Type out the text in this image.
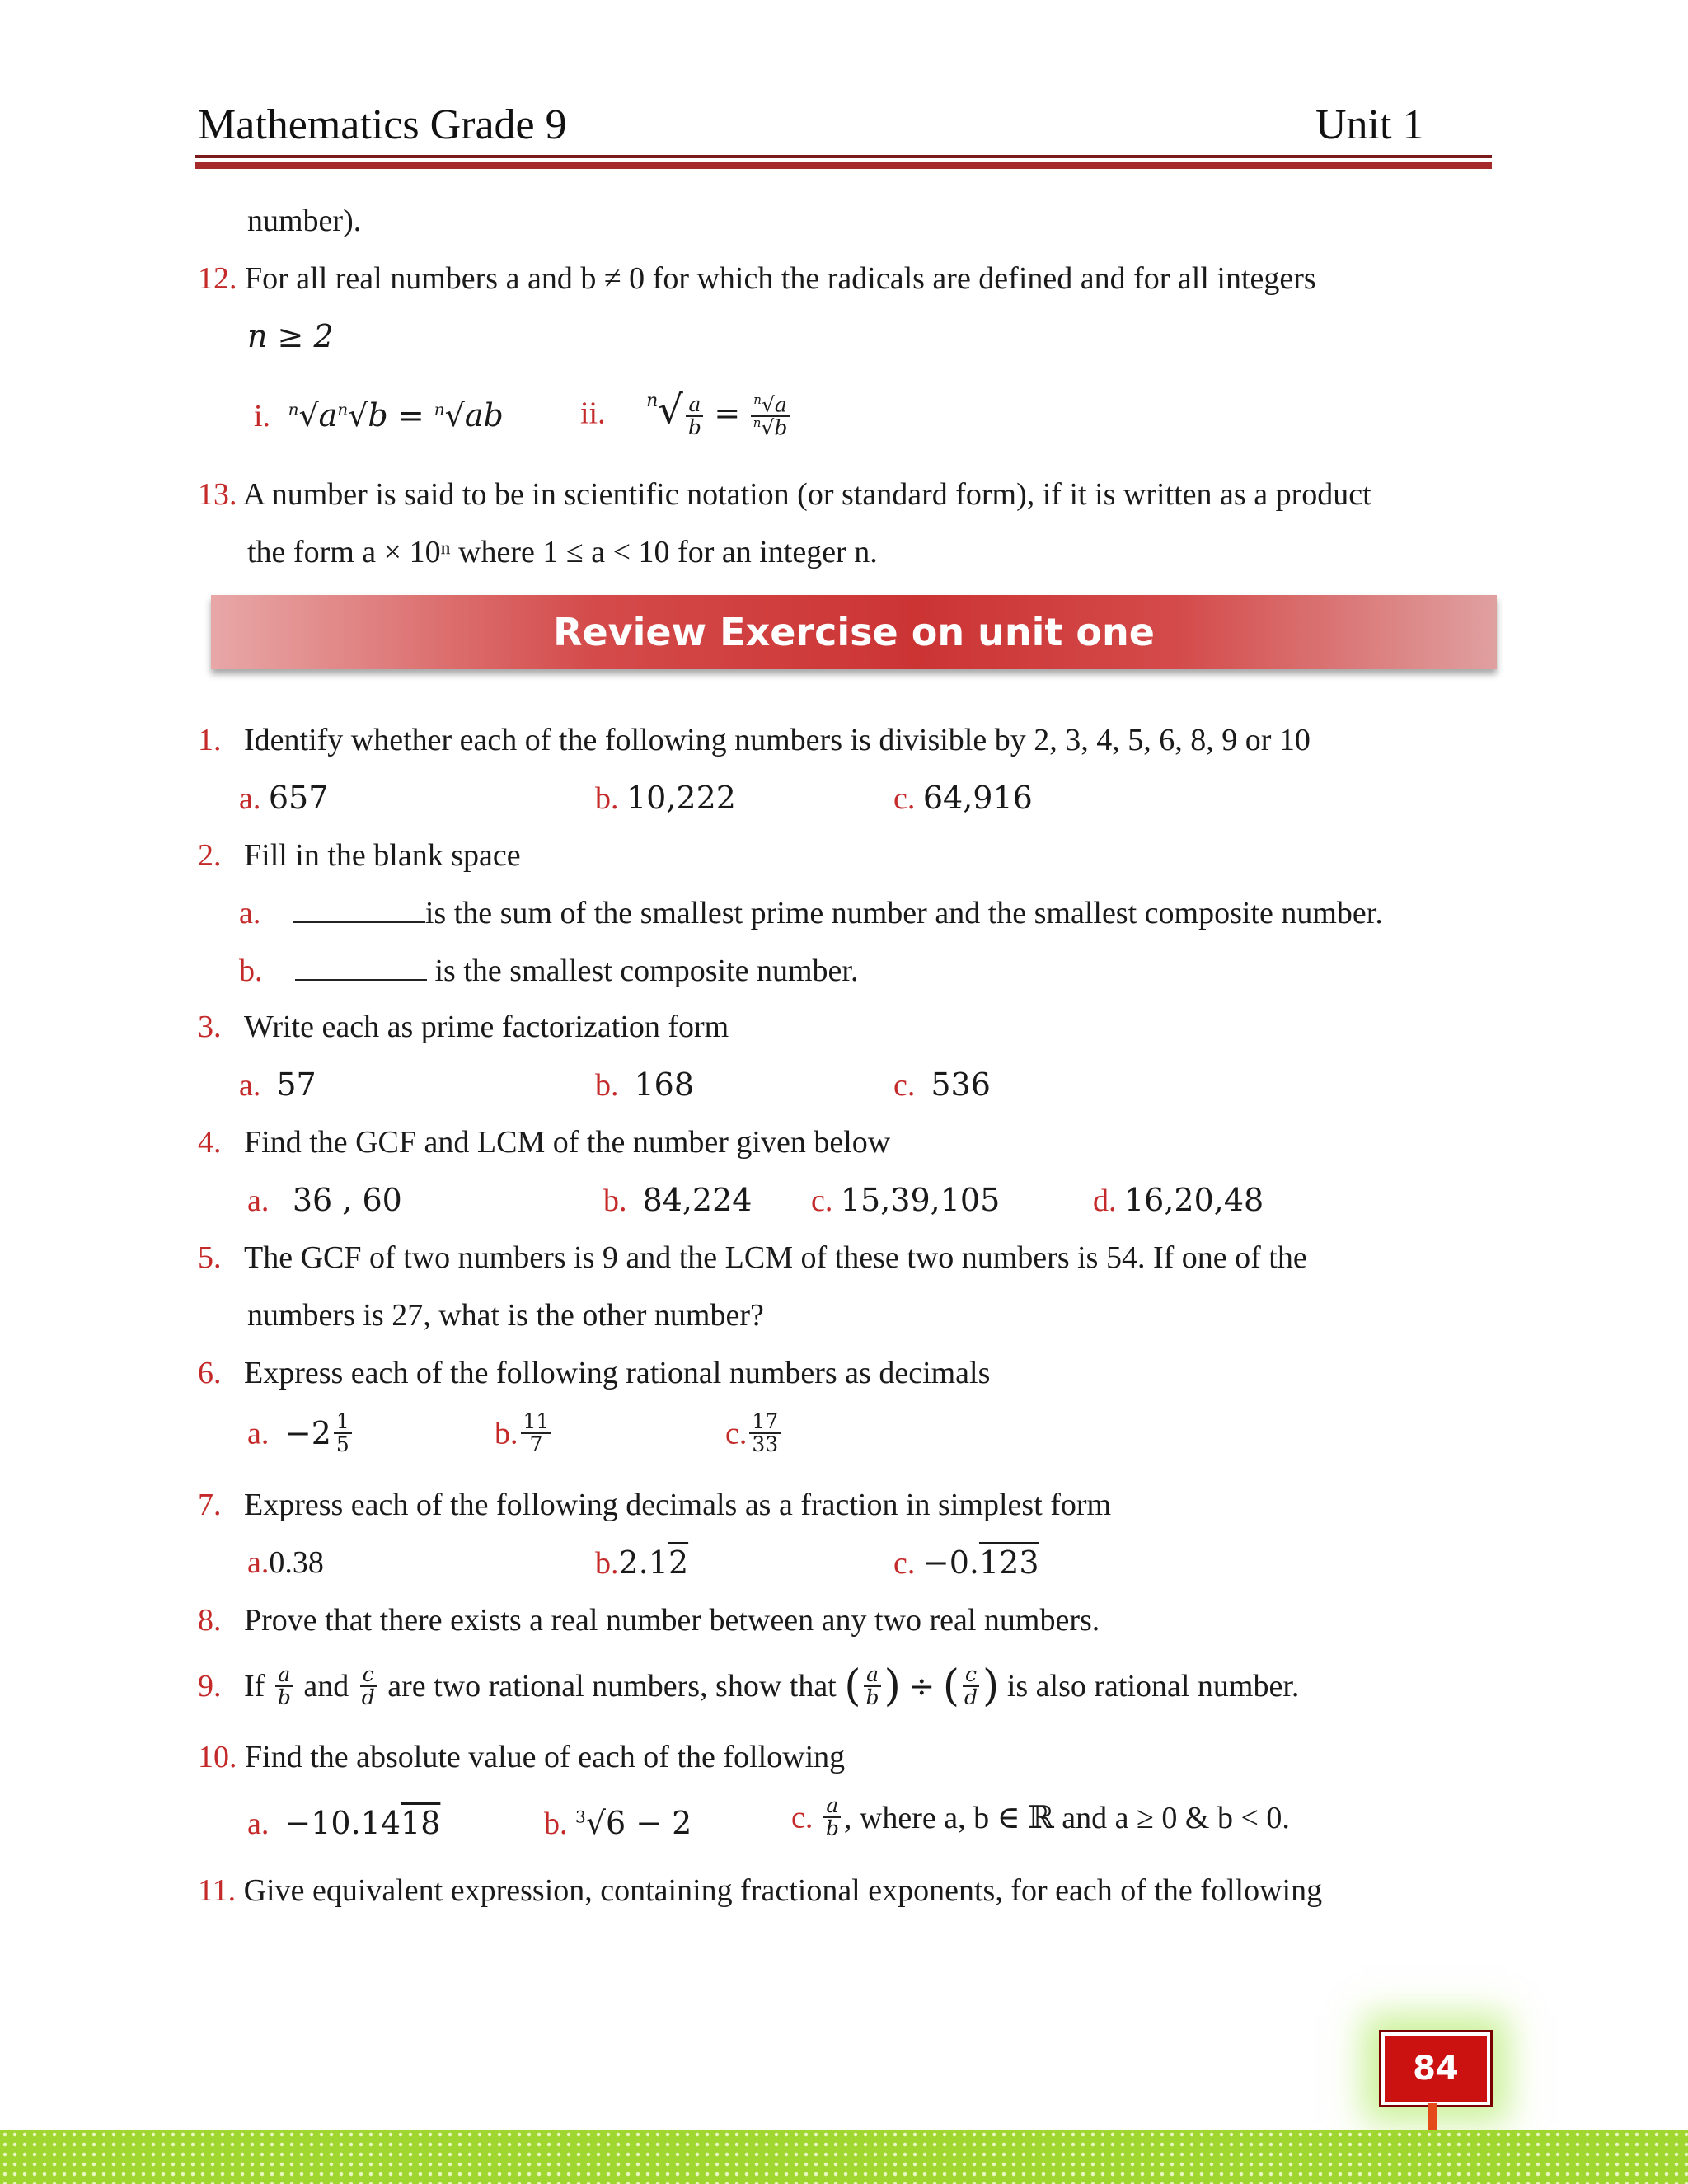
Mathematics Grade 9	Unit 1
number).
12. For all real numbers a and b ≠ 0 for which the radicals are defined and for all integers
n ≥ 2
i. $^n√a^n√b = ^n√ab$ ii. $^n√ \frac{a}{b} = \frac{^n√a}{^n√b}$
13. A number is said to be in scientific notation (or standard form), if it is written as a product
the form a × 10ⁿ where 1 ≤ a < 10 for an integer n.
Review Exercise on unit one
1. Identify whether each of the following numbers is divisible by 2, 3, 4, 5, 6, 8, 9 or 10
a. 657	b. 10,222	c. 64,916
2. Fill in the blank space
a.	is the sum of the smallest prime number and the smallest composite number.
b.	is the smallest composite number.
3. Write each as prime factorization form
a. 57	b. 168	c. 536
4. Find the GCF and LCM of the number given below
a. 36 , 60	b. 84,224 c. 15,39,105	d. 16,20,48
5. The GCF of two numbers is 9 and the LCM of these two numbers is 54. If one of the
numbers is 27, what is the other number?
6. Express each of the following rational numbers as decimals
a. $-2 \frac{1}{5}$	b. $\frac{11}{7}$	c. $\frac{17}{33}$
7. Express each of the following decimals as a fraction in simplest form
a.0.38	b.2.12	c. −0.123
8. Prove that there exists a real number between any two real numbers.
9. If $\frac{a}{b}$ and $\frac{c}{d}$ are two rational numbers, show that ( $\frac{a}{b}$ ) ÷ ( $\frac{c}{d}$ ) is also rational number.
10. Find the absolute value of each of the following
a. −10.1418	b. $^3$√6 − 2	c. $\frac{a}{b}$ , where a, b ∈ ℝ and a ≥ 0 & b < 0.
11. Give equivalent expression, containing fractional exponents, for each of the following
84
